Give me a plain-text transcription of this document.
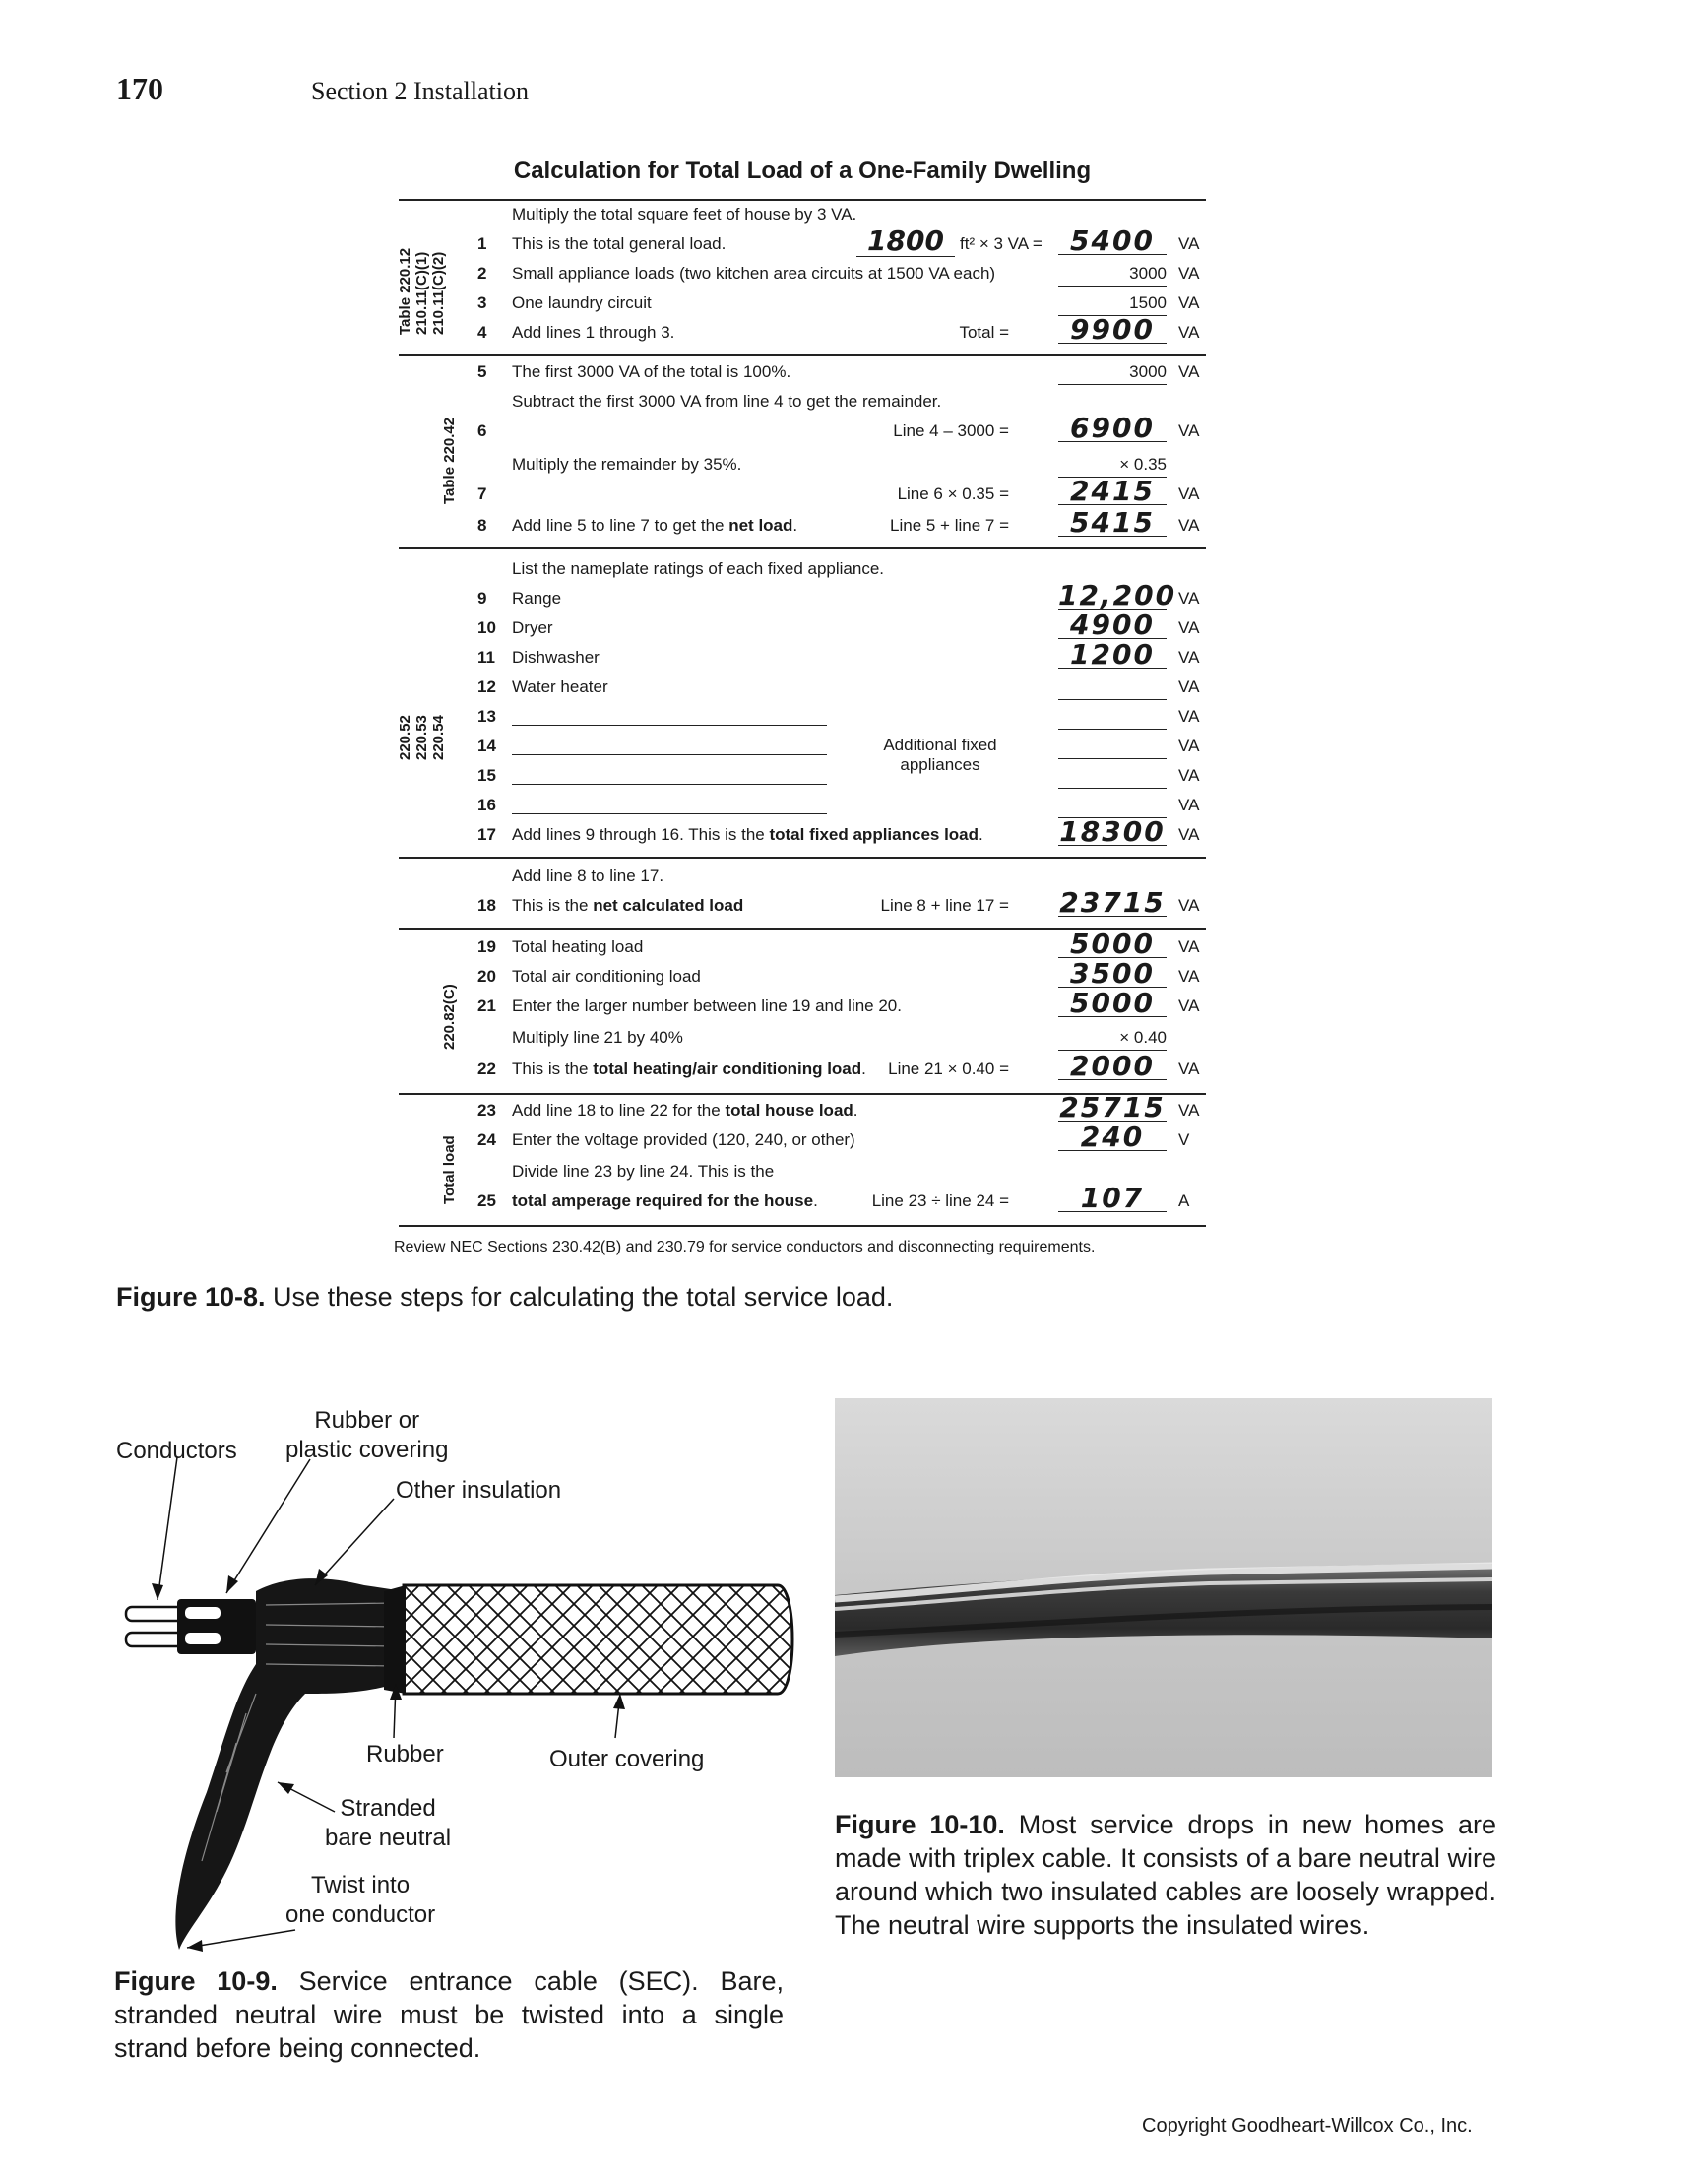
170	Section 2 Installation
Calculation for Total Load of a One-Family Dwelling
Table 220.12
210.11(C)(1)
210.11(C)(2)
Table 220.42
220.52
220.53
220.54
220.82(C)
Total load
Multiply the total square feet of house by 3 VA.
1 This is the total general load.	1800 ft² × 3 VA =	5400	VA
2 Small appliance loads (two kitchen area circuits at 1500 VA each)	3000 VA
3 One laundry circuit	1500 VA
4 Add lines 1 through 3.	Total =	9900	VA
5 The first 3000 VA of the total is 100%.	3000 VA
Subtract the first 3000 VA from line 4 to get the remainder.
6	Line 4 – 3000 =	6900	VA
Multiply the remainder by 35%.	× 0.35
7	Line 6 × 0.35 =	2415	VA
8 Add line 5 to line 7 to get the net load.	Line 5 + line 7 =	5415	VA
List the nameplate ratings of each fixed appliance.
9 Range	12,200 VA
10 Dryer	4900	VA
11 Dishwasher	1200	VA
12 Water heater	VA
13	VA
14	VA
15	VA
16	VA
Additional fixed appliances
17 Add lines 9 through 16. This is the total fixed appliances load.	18300 VA
Add line 8 to line 17.
18 This is the net calculated load	Line 8 + line 17 = 23715 VA
19 Total heating load	5000	VA
20 Total air conditioning load	3500	VA
21 Enter the larger number between line 19 and line 20.	5000	VA
Multiply line 21 by 40%	× 0.40
22 This is the total heating/air conditioning load. Line 21 × 0.40 =	2000	VA
23 Add line 18 to line 22 for the total house load.	25715 VA
24 Enter the voltage provided (120, 240, or other)	240	V
Divide line 23 by line 24. This is the
25 total amperage required for the house.	Line 23 ÷ line 24 =	107	A
Review NEC Sections 230.42(B) and 230.79 for service conductors and disconnecting requirements.
Figure 10-8. Use these steps for calculating the total service load.
Conductors
Rubber or
plastic covering
Other insulation
Rubber	Outer covering
Stranded
bare neutral
Twist into
one conductor
Figure 10-9. Service entrance cable (SEC). Bare, stranded neutral wire must be twisted into a single strand before being connected.
Figure 10-10. Most service drops in new homes are made with triplex cable. It consists of a bare neutral wire around which two insulated cables are loosely wrapped. The neutral wire supports the insulated wires.
Copyright Goodheart-Willcox Co., Inc.
